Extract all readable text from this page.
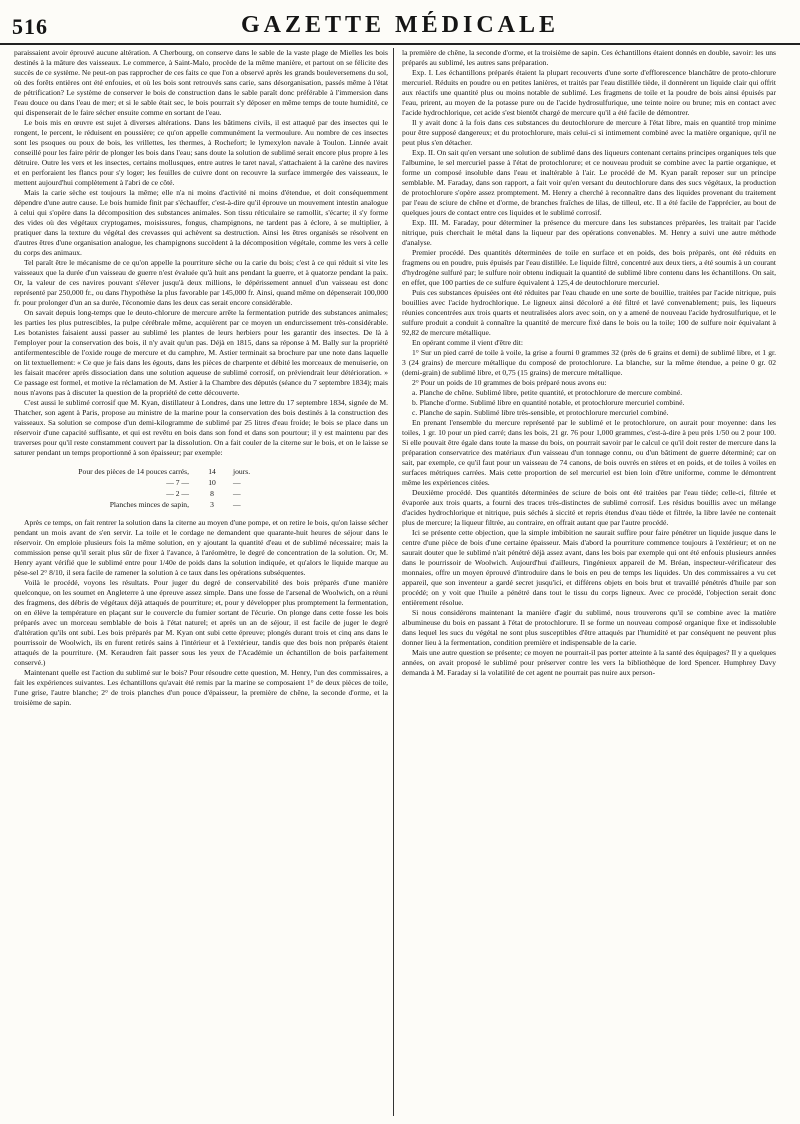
516	GAZETTE MÉDICALE

paraissaient avoir éprouvé aucune altération. A Cherbourg, on conserve dans le sable de la vaste plage de Mielles les bois destinés à la mâture des vaisseaux. Le commerce, à Saint-Malo, procède de la même manière, et partout on se félicite des succès de ce système. Ne peut-on pas rapprocher de ces faits ce que l'on a observé après les grands bouleversemens du sol, où des forêts entières ont été enfouies, et où les bois sont retrouvés sans carie, sans désorganisation, passés même à l'état de pétrification? Le système de conserver le bois de construction dans le sable paraît donc préférable à l'immersion dans l'eau douce ou dans l'eau de mer; et si le sable était sec, le bois pourrait s'y déposer en même temps de toute humidité, ce qui dispenserait de le faire sécher ensuite comme en sortant de l'eau.

Le bois mis en œuvre est sujet à diverses altérations. Dans les bâtimens civils, il est attaqué par des insectes qui le rongent, le percent, le réduisent en poussière; ce qu'on appelle communément la vermoulure. Au nombre de ces insectes sont les psoques ou poux de bois, les vrillettes, les thermes, à Rochefort; le lymexylon navale à Toulon. Linnée avait conseillé pour les faire périr de plonger les bois dans l'eau; sans doute la solution de sublimé serait encore plus propre à les détruire. Outre les vers et les insectes, certains mollusques, entre autres le taret naval, s'attachaient à la carène des navires et en perforaient les flancs pour s'y loger; les feuilles de cuivre dont on recouvre la surface immergée des vaisseaux, le mettent aujourd'hui complètement à l'abri de ce côté.

Mais la carie sèche est toujours la même; elle n'a ni moins d'activité ni moins d'étendue, et doit conséquemment dépendre d'une autre cause. Le bois humide finit par s'échauffer, c'est-à-dire qu'il éprouve un mouvement intestin analogue à celui qui s'opère dans la décomposition des substances animales. Son tissu réticulaire se ramollit, s'écarte; il s'y forme des vides où des végétaux cryptogames, moisissures, fongus, champignons, ne tardent pas à éclore, à se multiplier, à pratiquer dans la texture du végétal des crevasses qui achèvent sa destruction. Ainsi les êtres organisés se résolvent en d'autres êtres d'une organisation analogue, les champignons succèdent à la décomposition végétale, comme les vers à celle du corps des animaux.

Tel paraît être le mécanisme de ce qu'on appelle la pourriture sèche ou la carie du bois; c'est à ce qui réduit si vite les vaisseaux que la durée d'un vaisseau de guerre n'est évaluée qu'à huit ans pendant la guerre, et à quatorze pendant la paix. Or, la valeur de ces navires pouvant s'élever jusqu'à deux millions, le dépérissement annuel d'un vaisseau est donc représenté par 250,000 fr., ou dans l'hypothèse la plus favorable par 145,000 fr. Ainsi, quand même on dépenserait 100,000 fr. pour prolonger d'un an sa durée, l'économie dans les deux cas serait encore considérable.

On savait depuis long-temps que le deuto-chlorure de mercure arrête la fermentation putride des substances animales; les parties les plus putrescibles, la pulpe cérébrale même, acquièrent par ce moyen un endurcissement très-considérable. Les botanistes faisaient aussi passer au sublimé les plantes de leurs herbiers pour les garantir des insectes. De là à l'employer pour la conservation des bois, il n'y avait qu'un pas. Déjà en 1815, dans sa réponse à M. Bally sur la propriété antifermentescible de l'oxide rouge de mercure et du camphre, M. Astier terminait sa brochure par une note dans laquelle on lit textuellement: « Ce que je fais dans les égouts, dans les pièces de charpente et débité les morceaux de menuiserie, on les faisait macérer après dissociation dans une solution aqueuse de sublimé corrosif, on préviendrait leur détérioration. » Ce passage est formel, et motive la réclamation de M. Astier à la Chambre des députés (séance du 7 septembre 1834); mais nous n'avons pas à discuter la question de la propriété de cette découverte.

C'est aussi le sublimé corrosif que M. Kyan, distillateur à Londres, dans une lettre du 17 septembre 1834, signée de M. Thatcher, son agent à Paris, propose au ministre de la marine pour la conservation des bois destinés à la construction des vaisseaux. Sa solution se compose d'un demi-kilogramme de sublimé par 25 litres d'eau froide; le bois se place dans un réservoir d'une capacité suffisante, et qui est revêtu en bois dans son fond et dans son pourtour; il y est maintenu par des traverses pour qu'il reste constamment couvert par la dissolution. On a fait couler de la citerne sur le bois, et on le laisse se saturer pendant un temps proportionné à son épaisseur; par exemple:

Pour des pièces de 14 pouces carrés,	14	jours.
— 7 —	10	—
— 2 —	8	—
Planches minces de sapin,	3	—

Après ce temps, on fait rentrer la solution dans la citerne au moyen d'une pompe, et on retire le bois, qu'on laisse sécher pendant un mois avant de s'en servir. La toile et le cordage ne demandent que quarante-huit heures de séjour dans le réservoir. On emploie plusieurs fois la même solution, en y ajoutant la quantité d'eau et de sublimé nécessaire; mais la commission pense qu'il serait plus sûr de fixer à l'avance, à l'aréomètre, le degré de concentration de la solution. Or, M. Henry ayant vérifié que le sublimé entre pour 1/40e de poids dans la solution indiquée, et qu'alors le liquide marque au pèse-sel 2° 8/10, il sera facile de ramener la solution à ce taux dans les opérations subséquentes.

Voilà le procédé, voyons les résultats. Pour juger du degré de conservabilité des bois préparés d'une manière quelconque, on les soumet en Angleterre à une épreuve assez simple. Dans une fosse de l'arsenal de Woolwich, on a réuni des fragmens, des débris de végétaux déjà attaqués de pourriture; et, pour y développer plus promptement la fermentation, on en élève la température en plaçant sur le couvercle du fumier sortant de l'écurie. On plonge dans cette fosse les bois préparés avec un morceau semblable de bois à l'état naturel; et après un an de séjour, il est facile de juger le degré d'altération qu'ils ont subi. Les bois préparés par M. Kyan ont subi cette épreuve; plongés durant trois et cinq ans dans le pourrissoir de Woolwich, ils en furent retirés sains à l'intérieur et à l'extérieur, tandis que des bois non préparés étaient attaqués de la pourriture. (M. Keraudren fait passer sous les yeux de l'Académie un échantillon de bois parfaitement conservé.)

Maintenant quelle est l'action du sublimé sur le bois? Pour résoudre cette question, M. Henry, l'un des commissaires, a fait les expériences suivantes. Les échantillons qu'avait été remis par la marine se composaient 1° de deux pièces de toile, l'une grise, l'autre blanche; 2° de trois planches d'un pouce d'épaisseur, la première de chêne, la seconde d'orme, et la troisième de sapin.

la première de chêne, la seconde d'orme, et la troisième de sapin. Ces échantillons étaient donnés en double, savoir: les uns préparés au sublimé, les autres sans préparation.

Exp. I. Les échantillons préparés étaient la plupart recouverts d'une sorte d'efflorescence blanchâtre de proto-chlorure mercuriel. Réduits en poudre ou en petites lanières, et traités par l'eau distillée tiède, il donnèrent un liquide clair qui offrit aux réactifs une quantité plus ou moins notable de sublimé. Les fragmens de toile et la poudre de bois ainsi épuisés par l'eau, prirent, au moyen de la potasse pure ou de l'acide hydrosulfurique, une teinte noire ou brune; mis en contact avec l'acide hydrochlorique, cet acide s'est bientôt chargé de mercure qu'il a été facile de démontrer.

Il y avait donc à la fois dans ces substances du deutochlorure de mercure à l'état libre, mais en quantité trop minime pour être supposé dangereux; et du protochlorure, mais celui-ci si intimement combiné avec la matière organique, qu'il ne peut plus s'en détacher.

Exp. II. On sait qu'en versant une solution de sublimé dans des liqueurs contenant certains principes organiques tels que l'albumine, le sel mercuriel passe à l'état de protochlorure; et ce nouveau produit se combine avec la partie organique, et forme un composé insoluble dans l'eau et inaltérable à l'air. Le procédé de M. Kyan paraît reposer sur un principe semblable. M. Faraday, dans son rapport, a fait voir qu'en versant du deutochlorure dans des sucs végétaux, la production de protochlorure s'opère assez promptement. M. Henry a cherché à reconnaître dans des liquides provenant du traitement par l'eau de sciure de chêne et d'orme, de branches fraîches de lilas, de tilleul, etc. Il a été facile de l'apprécier, au bout de quelques jours de contact entre ces liquides et le sublimé corrosif.

Exp. III. M. Faraday, pour déterminer la présence du mercure dans les substances préparées, les traitait par l'acide nitrique, puis cherchait le métal dans la liqueur par des opérations convenables. M. Henry a suivi une autre méthode d'analyse.

Premier procédé. Des quantités déterminées de toile en surface et en poids, des bois préparés, ont été réduits en fragmens ou en poudre, puis épuisés par l'eau distillée. Le liquide filtré, concentré aux deux tiers, a été soumis à un courant d'hydrogène sulfuré par; le sulfure noir obtenu indiquait la quantité de sublimé libre contenu dans les échantillons. On sait, en effet, que 100 parties de ce sulfure équivalent à 125,4 de deutochlorure mercuriel.

Puis ces substances épuisées ont été réduites par l'eau chaude en une sorte de bouillie, traitées par l'acide nitrique, puis bouillies avec l'acide hydrochlorique. Le ligneux ainsi décoloré a été filtré et lavé convenablement; puis, les liqueurs réunies concentrées aux trois quarts et neutralisées alors avec soin, on y a amené de nouveau l'acide hydrosulfurique, et le sulfure produit a conduit à connaître la quantité de mercure fixé dans le bois ou la toile; 100 de sulfure noir équivalant à 92,82 de mercure métallique.

En opérant comme il vient d'être dit:

1° Sur un pied carré de toile à voile, la grise a fourni 0 grammes 32 (près de 6 grains et demi) de sublimé libre, et 1 gr. 3 (24 grains) de mercure métallique du composé de protochlorure. La blanche, sur la même étendue, a peine 0 gr. 02 (demi-grain) de sublimé libre, et 0,75 (15 grains) de mercure métallique.

2° Pour un poids de 10 grammes de bois préparé nous avons eu:

a. Planche de chêne. Sublimé libre, petite quantité, et protochlorure de mercure combiné.

b. Planche d'orme. Sublimé libre en quantité notable, et protochlorure mercuriel combiné.

c. Planche de sapin. Sublimé libre très-sensible, et protochlorure mercuriel combiné.

En prenant l'ensemble du mercure représenté par le sublimé et le protochlorure, on aurait pour moyenne: dans les toiles, 1 gr. 10 pour un pied carré; dans les bois, 21 gr. 76 pour 1,000 grammes, c'est-à-dire à peu près 1/50 ou 2 pour 100. Si elle pouvait être égale dans toute la masse du bois, on pourrait savoir par le calcul ce qu'il doit rester de mercure dans la préparation conservatrice des matériaux d'un vaisseau d'un tonnage connu, ou d'un bâtiment de guerre déterminé; car on sait, par exemple, ce qu'il faut pour un vaisseau de 74 canons, de bois ouvrés en stères et en poids, et de toiles à voiles en surfaces métriques carrées. Mais cette proportion de sel mercuriel est bien loin d'être uniforme, comme le démontrent même les expériences citées.

Deuxième procédé. Des quantités déterminées de sciure de bois ont été traitées par l'eau tiède; celle-ci, filtrée et évaporée aux trois quarts, a fourni des traces très-distinctes de sublimé corrosif. Les résidus bouillis avec un mélange d'acides hydrochlorique et nitrique, puis séchés à siccité et repris étendus d'eau tiède et filtrée, la libre lavée ne contenait plus de mercure; la liqueur filtrée, au contraire, en offrait autant que par l'autre procédé.

Ici se présente cette objection, que la simple imbibition ne saurait suffire pour faire pénétrer un liquide jusque dans le centre d'une pièce de bois d'une certaine épaisseur. Mais d'abord la pourriture commence toujours à l'extérieur; et on ne saurait douter que le sublimé n'ait pénétré déjà assez avant, dans les bois par exemple qui ont été enfouis plusieurs années dans le pourrissoir de Woolwich. Aujourd'hui d'ailleurs, l'ingénieux appareil de M. Bréan, inspecteur-vérificateur des monnaies, offre un moyen éprouvé d'introduire dans le bois en peu de temps les liquides. Un des commissaires a vu cet appareil, que son inventeur a gardé secret jusqu'ici, et différens objets en bois brut et travaillé pénétrés d'huile par son procédé; on y voit que l'huile a pénétré dans tout le tissu du corps ligneux. Avec ce procédé, l'objection serait donc entièrement résolue.

Si nous considérons maintenant la manière d'agir du sublimé, nous trouverons qu'il se combine avec la matière albumineuse du bois en passant à l'état de protochlorure. Il se forme un nouveau composé organique fixe et indissoluble dans lequel les sucs du végétal ne sont plus susceptibles d'être attaqués par l'humidité et par conséquent ne peuvent plus donner lieu à la fermentation, condition première et indispensable de la carie.

Mais une autre question se présente; ce moyen ne pourrait-il pas porter atteinte à la santé des équipages? Il y a quelques années, on avait proposé le sublimé pour préserver contre les vers la bibliothèque de lord Spencer. Humphrey Davy demanda à M. Faraday si la volatilité de cet agent ne pourrait pas nuire aux person-
